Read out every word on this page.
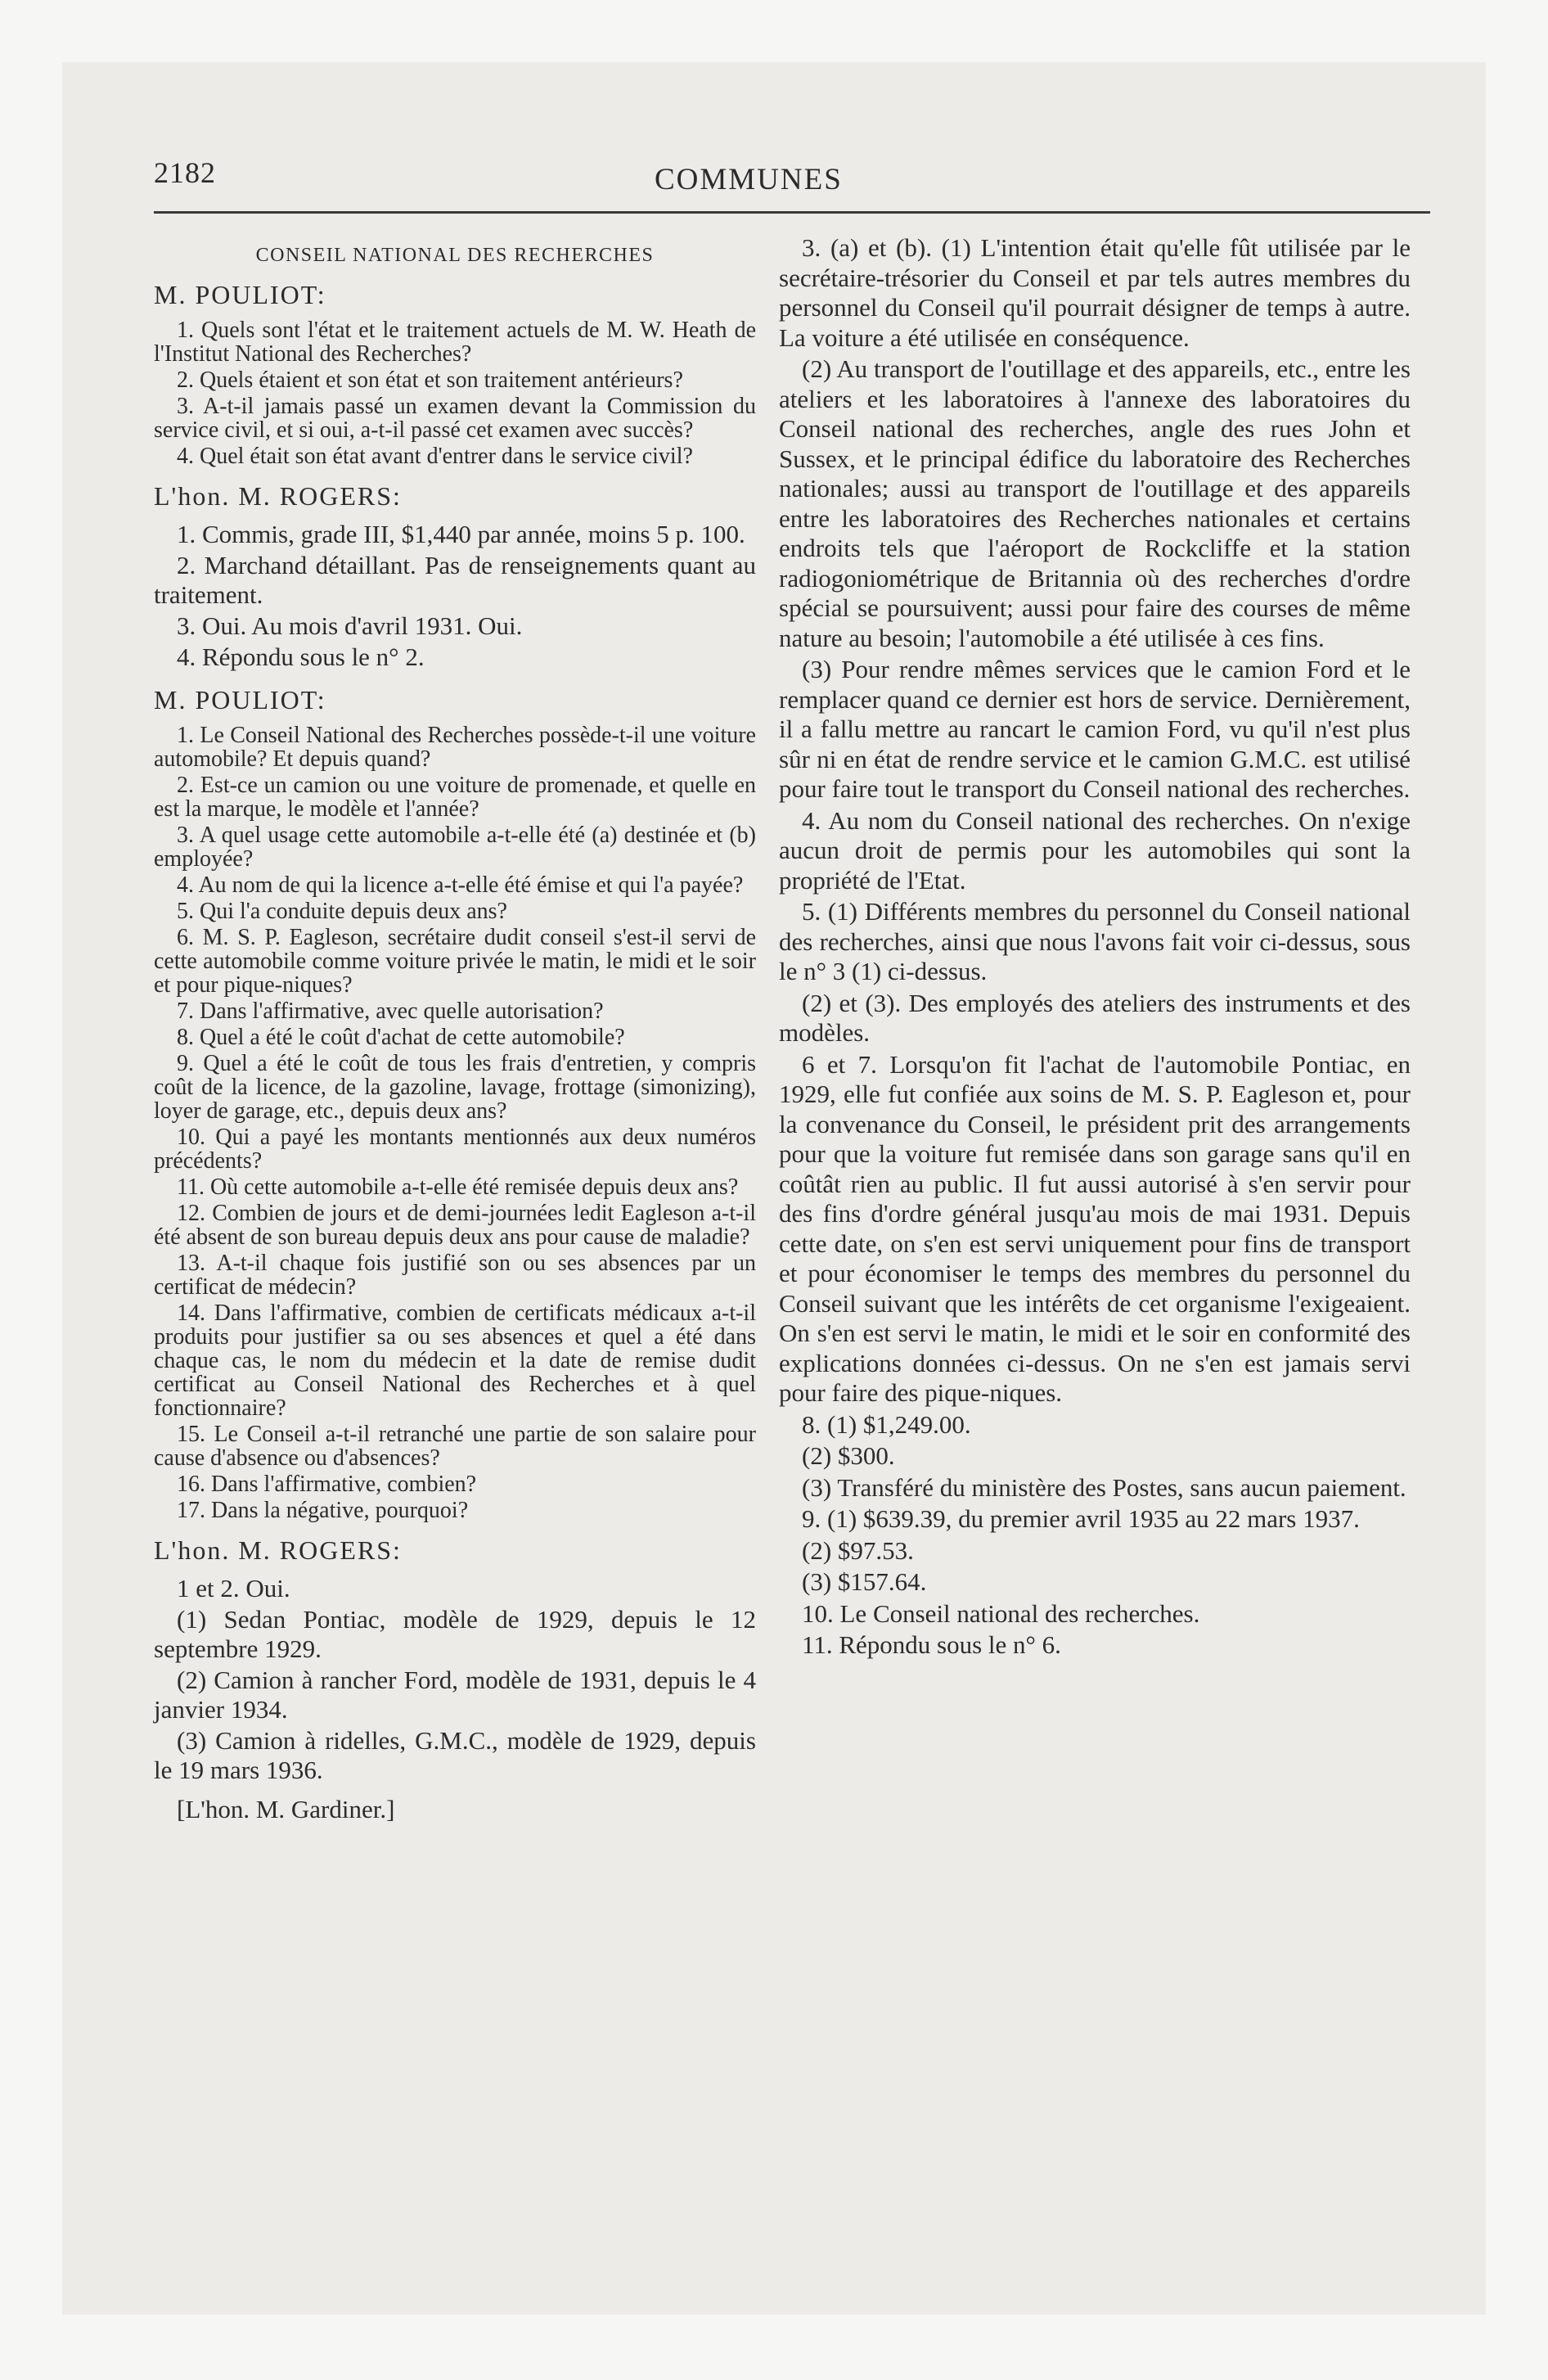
2182	COMMUNES
CONSEIL NATIONAL DES RECHERCHES
M. POULIOT:
1. Quels sont l'état et le traitement actuels de M. W. Heath de l'Institut National des Recherches?
2. Quels étaient et son état et son traitement antérieurs?
3. A-t-il jamais passé un examen devant la Commission du service civil, et si oui, a-t-il passé cet examen avec succès?
4. Quel était son état avant d'entrer dans le service civil?
L'hon. M. ROGERS:
1. Commis, grade III, $1,440 par année, moins 5 p. 100.
2. Marchand détaillant. Pas de renseignements quant au traitement.
3. Oui. Au mois d'avril 1931. Oui.
4. Répondu sous le n° 2.
M. POULIOT:
1. Le Conseil National des Recherches possède-t-il une voiture automobile? Et depuis quand?
2. Est-ce un camion ou une voiture de promenade, et quelle en est la marque, le modèle et l'année?
3. A quel usage cette automobile a-t-elle été (a) destinée et (b) employée?
4. Au nom de qui la licence a-t-elle été émise et qui l'a payée?
5. Qui l'a conduite depuis deux ans?
6. M. S. P. Eagleson, secrétaire dudit conseil s'est-il servi de cette automobile comme voiture privée le matin, le midi et le soir et pour pique-niques?
7. Dans l'affirmative, avec quelle autorisation?
8. Quel a été le coût d'achat de cette automobile?
9. Quel a été le coût de tous les frais d'entretien, y compris coût de la licence, de la gazoline, lavage, frottage (simonizing), loyer de garage, etc., depuis deux ans?
10. Qui a payé les montants mentionnés aux deux numéros précédents?
11. Où cette automobile a-t-elle été remisée depuis deux ans?
12. Combien de jours et de demi-journées ledit Eagleson a-t-il été absent de son bureau depuis deux ans pour cause de maladie?
13. A-t-il chaque fois justifié son ou ses absences par un certificat de médecin?
14. Dans l'affirmative, combien de certificats médicaux a-t-il produits pour justifier sa ou ses absences et quel a été dans chaque cas, le nom du médecin et la date de remise dudit certificat au Conseil National des Recherches et à quel fonctionnaire?
15. Le Conseil a-t-il retranché une partie de son salaire pour cause d'absence ou d'absences?
16. Dans l'affirmative, combien?
17. Dans la négative, pourquoi?
L'hon. M. ROGERS:
1 et 2. Oui.
(1) Sedan Pontiac, modèle de 1929, depuis le 12 septembre 1929.
(2) Camion à rancher Ford, modèle de 1931, depuis le 4 janvier 1934.
(3) Camion à ridelles, G.M.C., modèle de 1929, depuis le 19 mars 1936.
[L'hon. M. Gardiner.]
3. (a) et (b). (1) L'intention était qu'elle fût utilisée par le secrétaire-trésorier du Conseil et par tels autres membres du personnel du Conseil qu'il pourrait désigner de temps à autre. La voiture a été utilisée en conséquence.
(2) Au transport de l'outillage et des appareils, etc., entre les ateliers et les laboratoires à l'annexe des laboratoires du Conseil national des recherches, angle des rues John et Sussex, et le principal édifice du laboratoire des Recherches nationales; aussi au transport de l'outillage et des appareils entre les laboratoires des Recherches nationales et certains endroits tels que l'aéroport de Rockcliffe et la station radiogoniométrique de Britannia où des recherches d'ordre spécial se poursuivent; aussi pour faire des courses de même nature au besoin; l'automobile a été utilisée à ces fins.
(3) Pour rendre mêmes services que le camion Ford et le remplacer quand ce dernier est hors de service. Dernièrement, il a fallu mettre au rancart le camion Ford, vu qu'il n'est plus sûr ni en état de rendre service et le camion G.M.C. est utilisé pour faire tout le transport du Conseil national des recherches.
4. Au nom du Conseil national des recherches. On n'exige aucun droit de permis pour les automobiles qui sont la propriété de l'Etat.
5. (1) Différents membres du personnel du Conseil national des recherches, ainsi que nous l'avons fait voir ci-dessus, sous le n° 3 (1) ci-dessus.
(2) et (3). Des employés des ateliers des instruments et des modèles.
6 et 7. Lorsqu'on fit l'achat de l'automobile Pontiac, en 1929, elle fut confiée aux soins de M. S. P. Eagleson et, pour la convenance du Conseil, le président prit des arrangements pour que la voiture fut remisée dans son garage sans qu'il en coûtât rien au public. Il fut aussi autorisé à s'en servir pour des fins d'ordre général jusqu'au mois de mai 1931. Depuis cette date, on s'en est servi uniquement pour fins de transport et pour économiser le temps des membres du personnel du Conseil suivant que les intérêts de cet organisme l'exigeaient. On s'en est servi le matin, le midi et le soir en conformité des explications données ci-dessus. On ne s'en est jamais servi pour faire des pique-niques.
8. (1) $1,249.00.
(2) $300.
(3) Transféré du ministère des Postes, sans aucun paiement.
9. (1) $639.39, du premier avril 1935 au 22 mars 1937.
(2) $97.53.
(3) $157.64.
10. Le Conseil national des recherches.
11. Répondu sous le n° 6.
